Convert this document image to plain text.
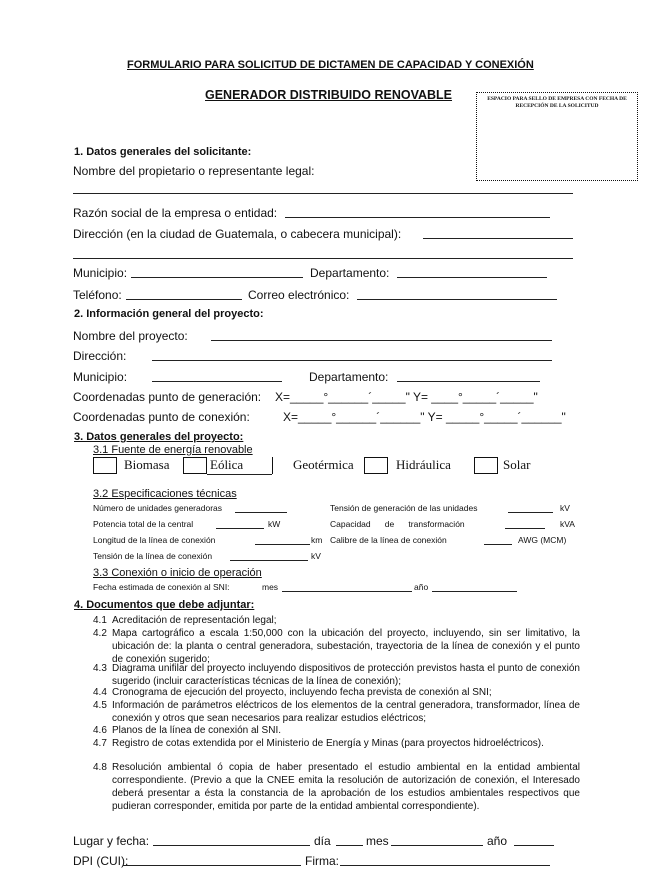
FORMULARIO PARA SOLICITUD DE DICTAMEN DE CAPACIDAD Y CONEXIÓN
GENERADOR DISTRIBUIDO RENOVABLE	ESPACIO PARA SELLO DE EMPRESA CON FECHA DE RECEPCIÓN DE LA SOLICITUD
1. Datos generales del solicitante:
Nombre del propietario o representante legal:
Razón social de la empresa o entidad:
Dirección (en la ciudad de Guatemala, o cabecera municipal):
Municipio:	Departamento:
Teléfono:	Correo electrónico:
2. Información general del proyecto:
Nombre del proyecto:
Dirección:
Municipio:	Departamento:
Coordenadas punto de generación: X=_____°______´_____" Y= ____°_____´_____"
Coordenadas punto de conexión:	X=_____°______´______" Y= _____°_____´______"
3. Datos generales del proyecto:
3.1 Fuente de energía renovable
Biomasa	Eólica	Geotérmica	Hidráulica	Solar
3.2 Especificaciones técnicas
Número de unidades generadoras	Tensión de generación de las unidades	kV
Potencia total de la central	kW	Capacidad      de      transformación	kVA
Longitud de la línea de conexión	km Calibre de la línea de conexión	AWG (MCM)
Tensión de la línea de conexión	kV
3.3 Conexión o inicio de operación
Fecha estimada de conexión al SNI:	mes	año
4. Documentos que debe adjuntar:
4.1 Acreditación de representación legal;
4.2 Mapa cartográfico a escala 1:50,000 con la ubicación del proyecto, incluyendo, sin ser limitativo, la ubicación de: la planta o central generadora, subestación, trayectoria de la línea de conexión y el punto de conexión sugerido;
4.3 Diagrama unifilar del proyecto incluyendo dispositivos de protección previstos hasta el punto de conexión sugerido (incluir características técnicas de la línea de conexión);
4.4 Cronograma de ejecución del proyecto, incluyendo fecha prevista de conexión al SNI;
4.5 Información de parámetros eléctricos de los elementos de la central generadora, transformador, línea de conexión y otros que sean necesarios para realizar estudios eléctricos;
4.6 Planos de la línea de conexión al SNI.
4.7 Registro de cotas extendida por el Ministerio de Energía y Minas (para proyectos hidroeléctricos).
4.8 Resolución ambiental ó copia de haber presentado el estudio ambiental en la entidad ambiental correspondiente. (Previo a que la CNEE emita la resolución de autorización de conexión, el Interesado deberá presentar a ésta la constancia de la aprobación de los estudios ambientales respectivos que pudieran corresponder, emitida por parte de la entidad ambiental correspondiente).
Lugar y fecha:	día	mes	año
DPI (CUI):	Firma:
